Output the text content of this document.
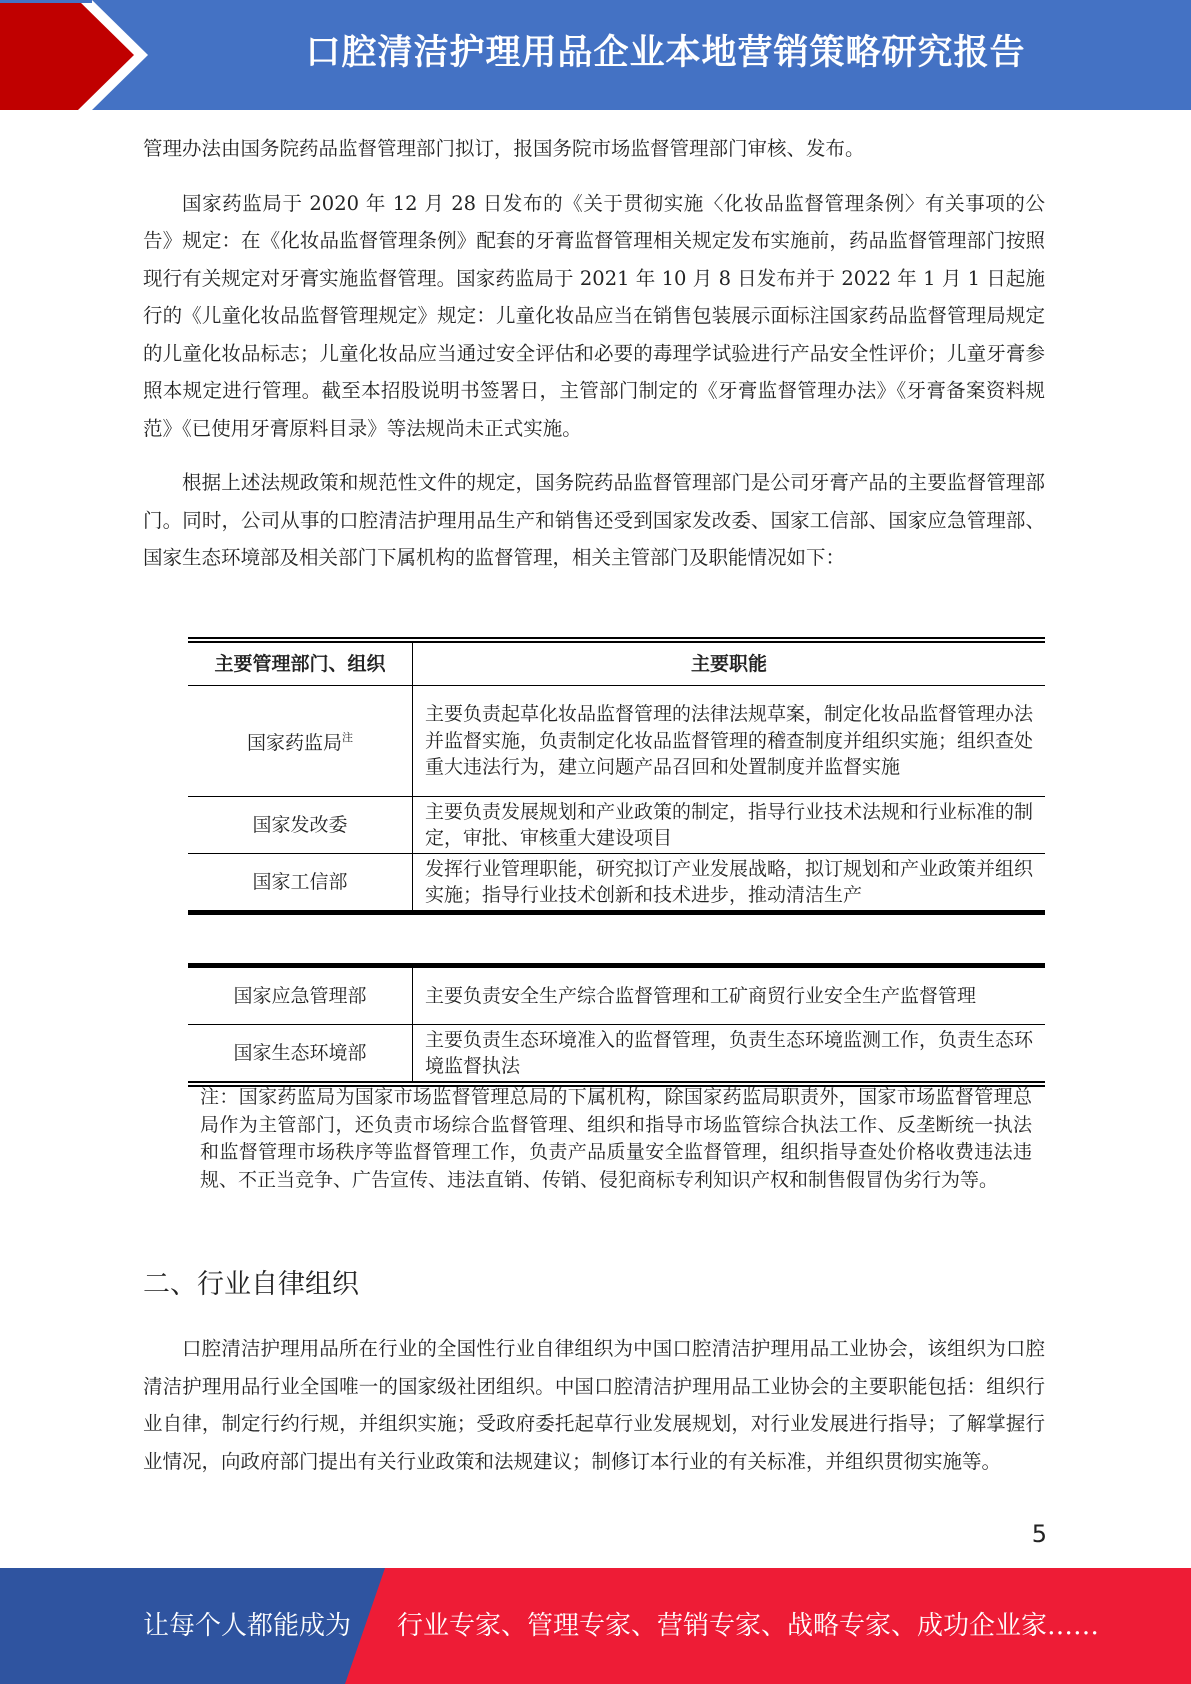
口腔清洁护理用品企业本地营销策略研究报告

管理办法由国务院药品监督管理部门拟订，报国务院市场监督管理部门审核、发布。

国家药监局于 2020 年 12 月 28 日发布的《关于贯彻实施〈化妆品监督管理条例〉有关事项的公告》规定：在《化妆品监督管理条例》配套的牙膏监督管理相关规定发布实施前，药品监督管理部门按照现行有关规定对牙膏实施监督管理。国家药监局于 2021 年 10 月 8 日发布并于 2022 年 1 月 1 日起施行的《儿童化妆品监督管理规定》规定：儿童化妆品应当在销售包装展示面标注国家药品监督管理局规定的儿童化妆品标志；儿童化妆品应当通过安全评估和必要的毒理学试验进行产品安全性评价；儿童牙膏参照本规定进行管理。截至本招股说明书签署日，主管部门制定的《牙膏监督管理办法》《牙膏备案资料规范》《已使用牙膏原料目录》等法规尚未正式实施。

根据上述法规政策和规范性文件的规定，国务院药品监督管理部门是公司牙膏产品的主要监督管理部门。同时，公司从事的口腔清洁护理用品生产和销售还受到国家发改委、国家工信部、国家应急管理部、国家生态环境部及相关部门下属机构的监督管理，相关主管部门及职能情况如下：

主要管理部门、组织	主要职能
国家药监局$^注$	主要负责起草化妆品监督管理的法律法规草案，制定化妆品监督管理办法并监督实施，负责制定化妆品监督管理的稽查制度并组织实施；组织查处重大违法行为，建立问题产品召回和处置制度并监督实施
国家发改委	主要负责发展规划和产业政策的制定，指导行业技术法规和行业标准的制定，审批、审核重大建设项目
国家工信部	发挥行业管理职能，研究拟订产业发展战略，拟订规划和产业政策并组织实施；指导行业技术创新和技术进步，推动清洁生产
国家应急管理部	主要负责安全生产综合监督管理和工矿商贸行业安全生产监督管理
国家生态环境部	主要负责生态环境准入的监督管理，负责生态环境监测工作，负责生态环境监督执法
注：国家药监局为国家市场监督管理总局的下属机构，除国家药监局职责外，国家市场监督管理总局作为主管部门，还负责市场综合监督管理、组织和指导市场监管综合执法工作、反垄断统一执法和监督管理市场秩序等监督管理工作，负责产品质量安全监督管理，组织指导查处价格收费违法违规、不正当竞争、广告宣传、违法直销、传销、侵犯商标专利知识产权和制售假冒伪劣行为等。
二、行业自律组织

口腔清洁护理用品所在行业的全国性行业自律组织为中国口腔清洁护理用品工业协会，该组织为口腔清洁护理用品行业全国唯一的国家级社团组织。中国口腔清洁护理用品工业协会的主要职能包括：组织行业自律，制定行约行规，并组织实施；受政府委托起草行业发展规划，对行业发展进行指导；了解掌握行业情况，向政府部门提出有关行业政策和法规建议；制修订本行业的有关标准，并组织贯彻实施等。

5
让每个人都能成为 行业专家、管理专家、营销专家、战略专家、成功企业家……
